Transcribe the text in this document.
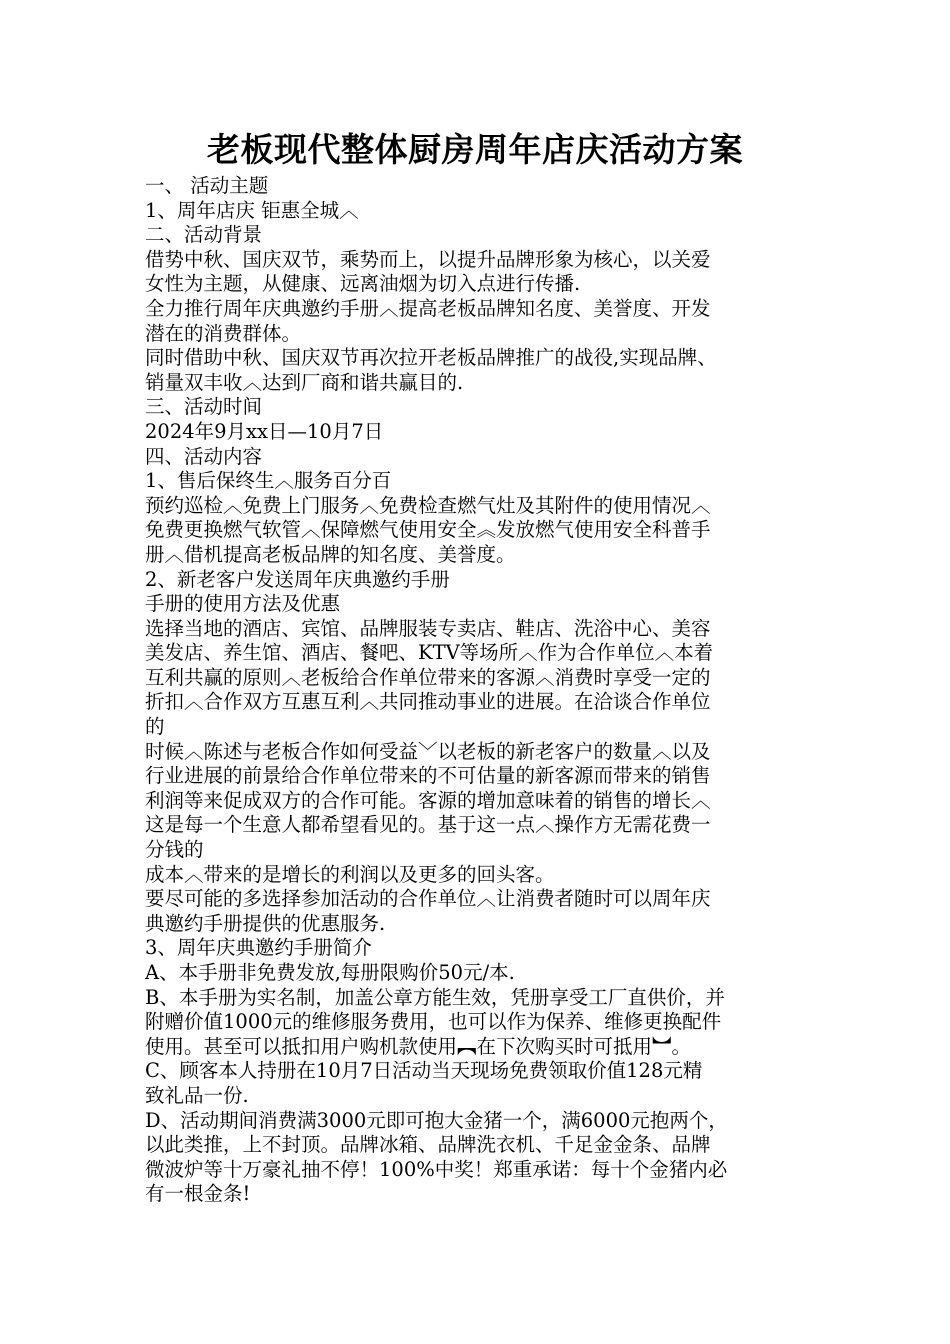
老板现代整体厨房周年店庆活动方案
一、 活动主题
1、周年店庆 钜惠全城︿
二、活动背景
借势中秋、国庆双节，乘势而上，以提升品牌形象为核心，以关爱
女性为主题，从健康、远离油烟为切入点进行传播.
全力推行周年庆典邀约手册︿提高老板品牌知名度、美誉度、开发
潜在的消费群体。
同时借助中秋、国庆双节再次拉开老板品牌推广的战役,实现品牌、
销量双丰收︿达到厂商和谐共赢目的.
三、活动时间
2024年9月xx日—10月7日
四、活动内容
1、售后保终生︿服务百分百
预约巡检︿免费上门服务︿免费检查燃气灶及其附件的使用情况︿
免费更换燃气软管︿保障燃气使用安全︽发放燃气使用安全科普手
册︿借机提高老板品牌的知名度、美誉度。
2、新老客户发送周年庆典邀约手册
手册的使用方法及优惠
选择当地的酒店、宾馆、品牌服装专卖店、鞋店、洗浴中心、美容
美发店、养生馆、酒店、餐吧、KTV等场所︿作为合作单位︿本着
互利共赢的原则︿老板给合作单位带来的客源︿消费时享受一定的
折扣︿合作双方互惠互利︿共同推动事业的进展。在洽谈合作单位
的
时候︿陈述与老板合作如何受益﹀以老板的新老客户的数量︿以及
行业进展的前景给合作单位带来的不可估量的新客源而带来的销售
利润等来促成双方的合作可能。客源的增加意味着的销售的增长︿
这是每一个生意人都希望看见的。基于这一点︿操作方无需花费一
分钱的
成本︿带来的是增长的利润以及更多的回头客。
要尽可能的多选择参加活动的合作单位︿让消费者随时可以周年庆
典邀约手册提供的优惠服务.
3、周年庆典邀约手册简介
A、本手册非免费发放,每册限购价50元/本.
B、本手册为实名制，加盖公章方能生效，凭册享受工厂直供价，并
附赠价值1000元的维修服务费用，也可以作为保养、维修更换配件
使用。甚至可以抵扣用户购机款使用︻在下次购买时可抵用︼。
C、顾客本人持册在10月7日活动当天现场免费领取价值128元精
致礼品一份.
D、活动期间消费满3000元即可抱大金猪一个，满6000元抱两个，
以此类推，上不封顶。品牌冰箱、品牌洗衣机、千足金金条、品牌
微波炉等十万豪礼抽不停！100%中奖！郑重承诺：每十个金猪内必
有一根金条!
